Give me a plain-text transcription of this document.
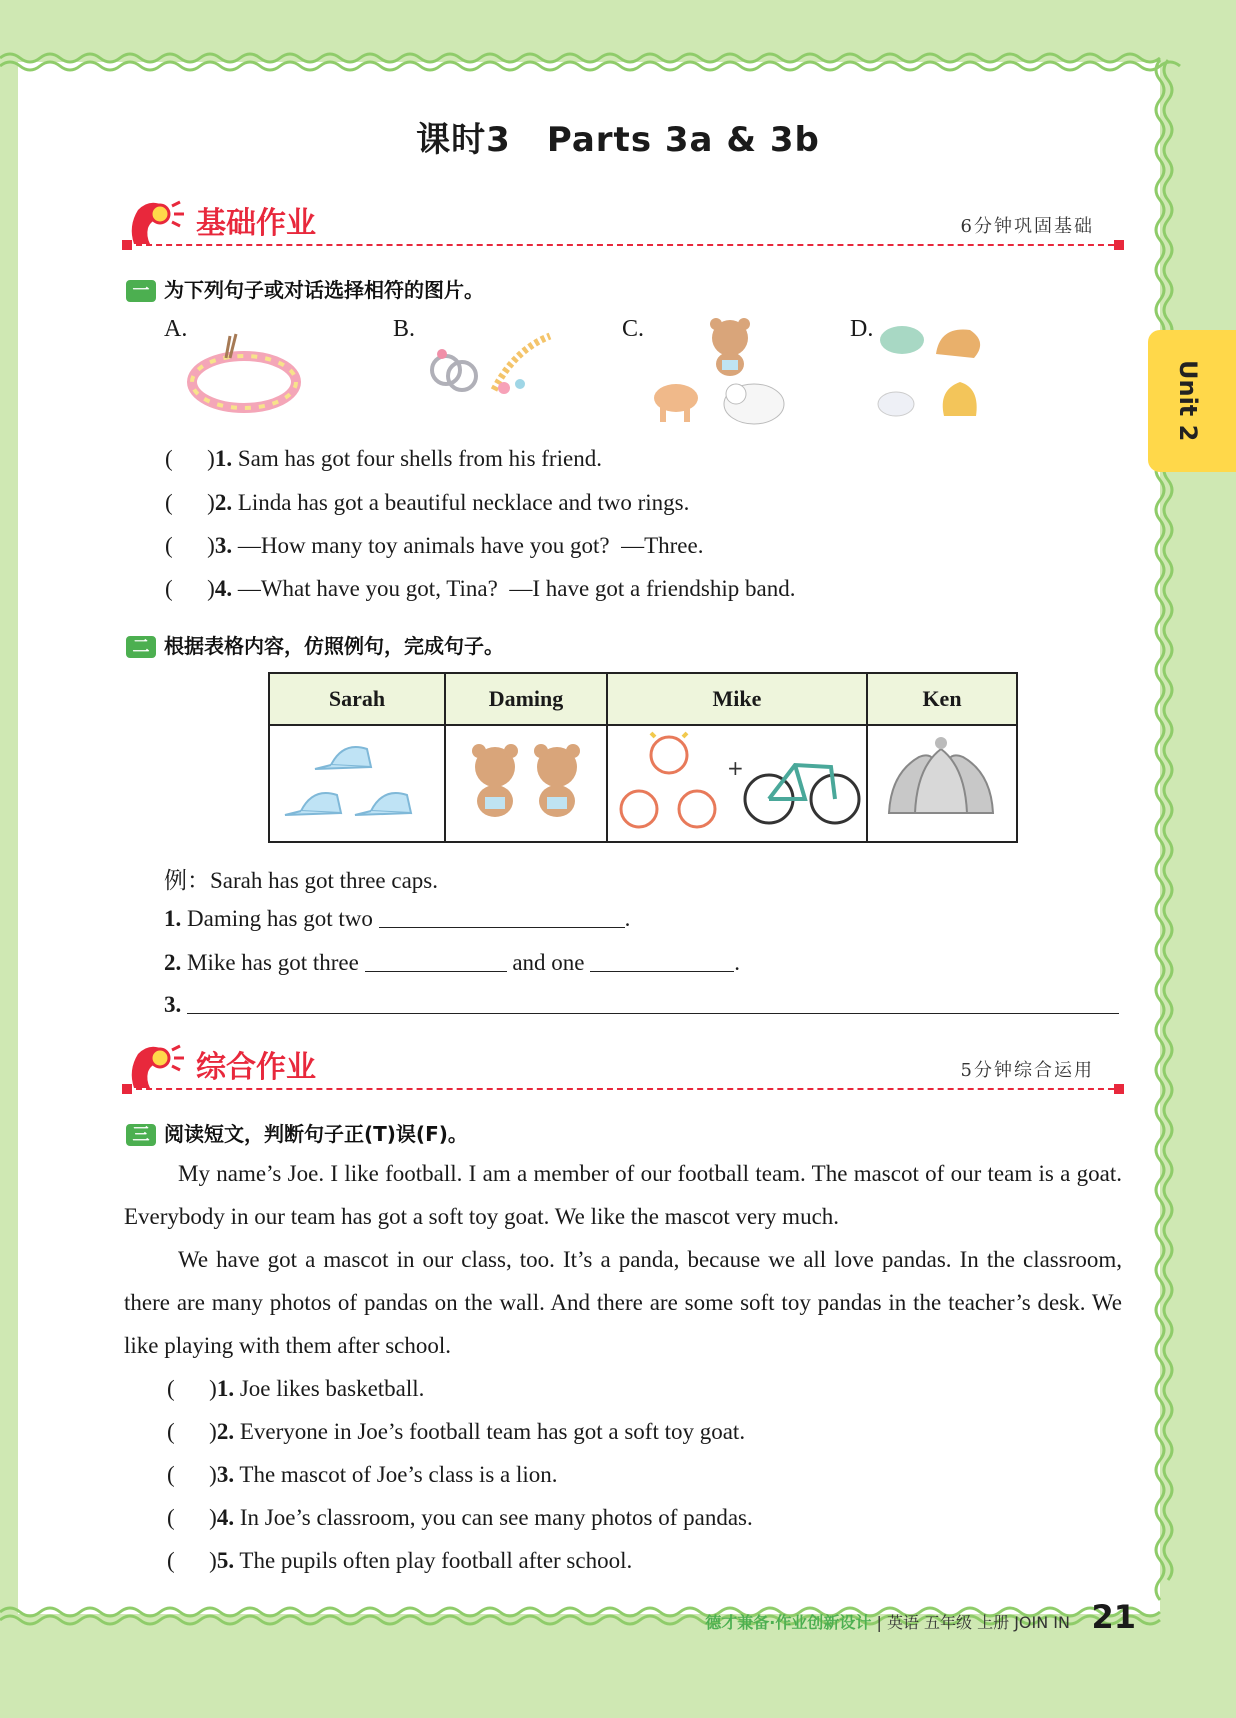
课时3 Parts 3a & 3b
Unit 2
基础作业	6分钟巩固基础
一 为下列句子或对话选择相符的图片。
A.	B.	C.	D.
(      )1. Sam has got four shells from his friend.
(      )2. Linda has got a beautiful necklace and two rings.
(      )3. —How many toy animals have you got?  —Three.
(      )4. —What have you got, Tina?  —I have got a friendship band.
二 根据表格内容，仿照例句，完成句子。
Sarah	Daming	Mike	Ken

+

例：Sarah has got three caps.
1. Daming has got two	.
2. Mike has got three	and one	.
3.
综合作业	5分钟综合运用
三 阅读短文，判断句子正(T)误(F)。
My name’s Joe. I like football. I am a member of our football team. The mascot of our team is a goat. Everybody in our team has got a soft toy goat. We like the mascot very much.
We have got a mascot in our class, too. It’s a panda, because we all love pandas. In the classroom, there are many photos of pandas on the wall. And there are some soft toy pandas in the teacher’s desk. We like playing with them after school.
(      )1. Joe likes basketball.
(      )2. Everyone in Joe’s football team has got a soft toy goat.
(      )3. The mascot of Joe’s class is a lion.
(      )4. In Joe’s classroom, you can see many photos of pandas.
(      )5. The pupils often play football after school.
德才兼备·作业创新设计 | 英语 五年级 上册 JOIN IN 21
